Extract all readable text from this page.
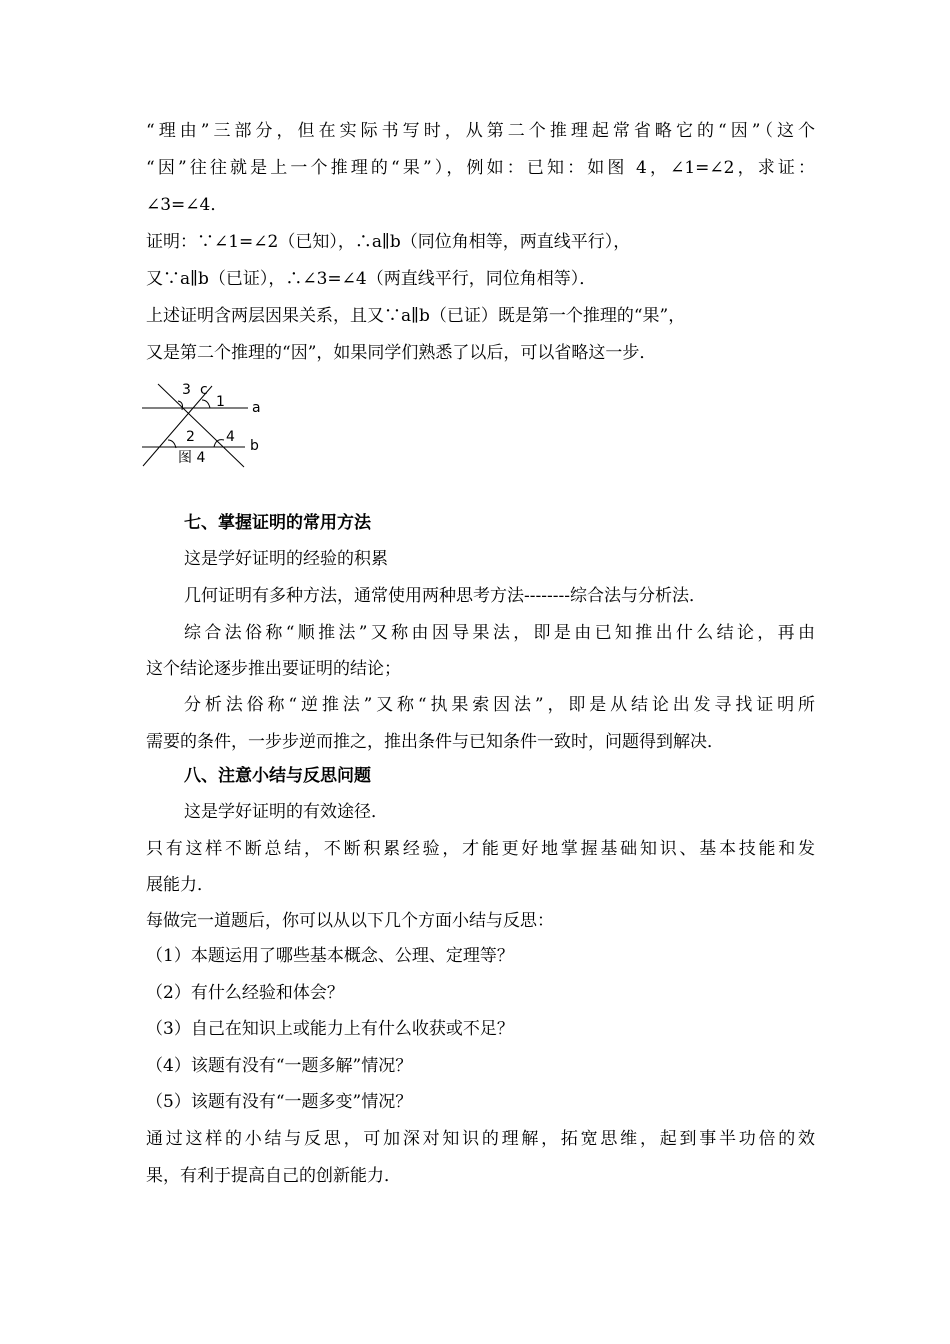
“理由”三部分，但在实际书写时，从第二个推理起常省略它的“因”（这个
“因”往往就是上一个推理的“果”），例如：已知：如图 4，∠1=∠2，求证：
∠3=∠4．
证明：∵∠1=∠2（已知），∴a∥b（同位角相等，两直线平行），
又∵a∥b（已证），∴∠3=∠4（两直线平行，同位角相等）．
上述证明含两层因果关系，且又∵a∥b（已证）既是第一个推理的“果”，
又是第二个推理的“因”，如果同学们熟悉了以后，可以省略这一步．
3 c
1 a
2 4
b
图 4
七、掌握证明的常用方法
这是学好证明的经验的积累
几何证明有多种方法，通常使用两种思考方法--------综合法与分析法．
综合法俗称“顺推法”又称由因导果法，即是由已知推出什么结论，再由
这个结论逐步推出要证明的结论；
分析法俗称“逆推法”又称“执果索因法”，即是从结论出发寻找证明所
需要的条件，一步步逆而推之，推出条件与已知条件一致时，问题得到解决．
八、注意小结与反思问题
这是学好证明的有效途径．
只有这样不断总结，不断积累经验，才能更好地掌握基础知识、基本技能和发
展能力．
每做完一道题后，你可以从以下几个方面小结与反思：
（1）本题运用了哪些基本概念、公理、定理等？
（2）有什么经验和体会？
（3）自己在知识上或能力上有什么收获或不足？
（4）该题有没有“一题多解”情况？
（5）该题有没有“一题多变”情况？
通过这样的小结与反思，可加深对知识的理解，拓宽思维，起到事半功倍的效
果，有利于提高自己的创新能力．
